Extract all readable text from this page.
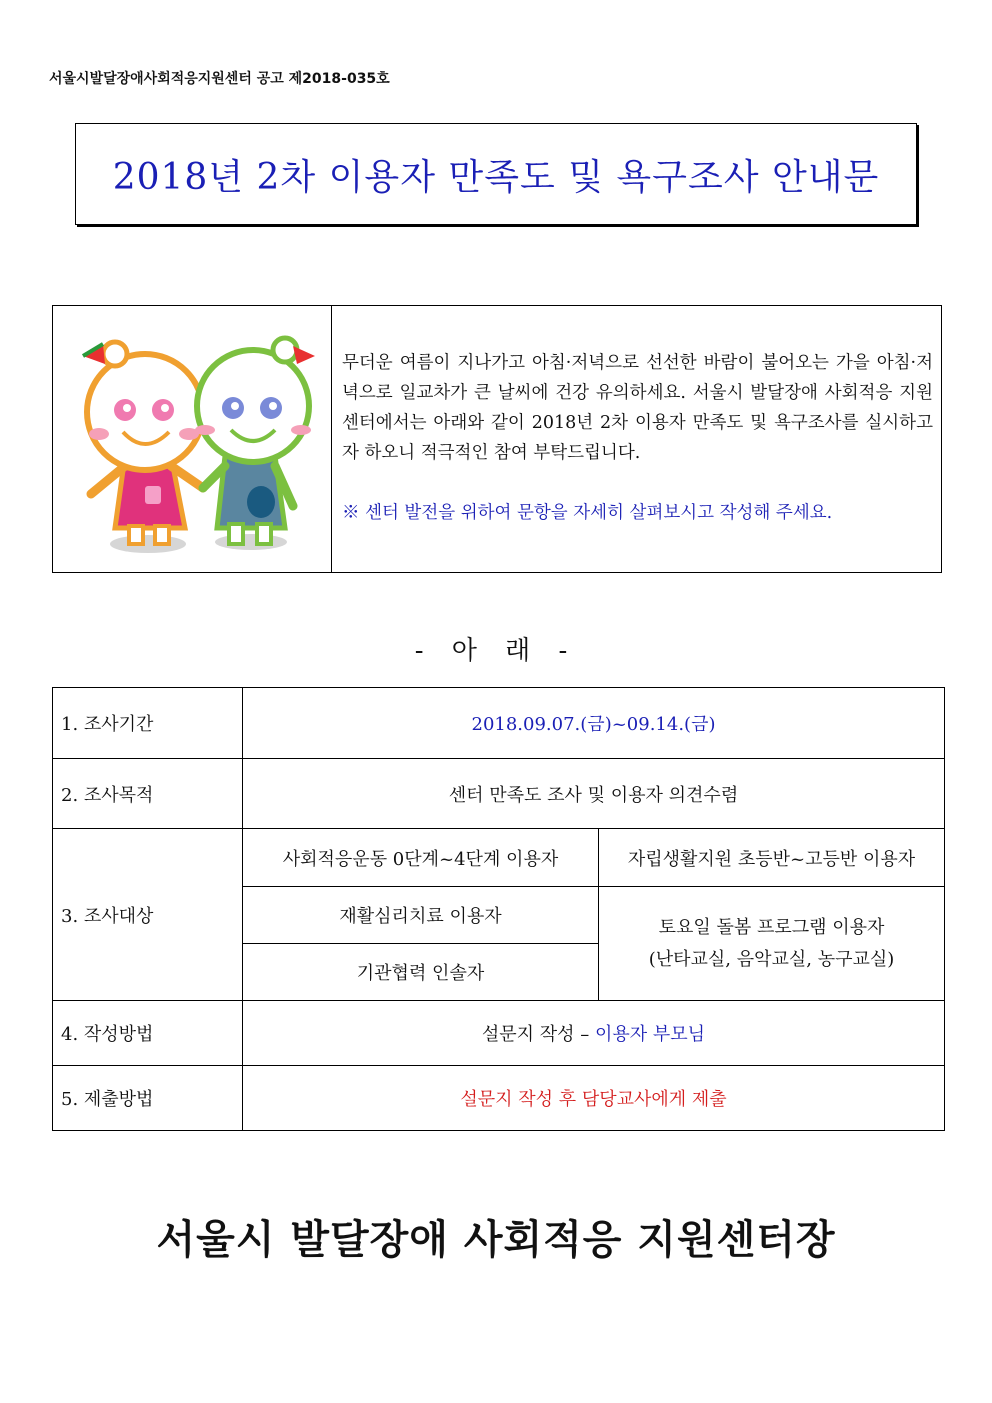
서울시발달장애사회적응지원센터 공고 제2018-035호
2018년 2차 이용자 만족도 및 욕구조사 안내문
무더운 여름이 지나가고 아침·저녁으로 선선한 바람이 불어오는 가을 아침·저녁으로 일교차가 큰 날씨에 건강 유의하세요. 서울시 발달장애 사회적응 지원센터에서는 아래와 같이 2018년 2차 이용자 만족도 및 욕구조사를 실시하고자 하오니 적극적인 참여 부탁드립니다.
※ 센터 발전을 위하여 문항을 자세히 살펴보시고 작성해 주세요.
- 아 래 -
1. 조사기간	2018.09.07.(금)~09.14.(금)	
2. 조사목적	센터 만족도 조사 및 이용자 의견수렴	
3. 조사대상	사회적응운동 0단계~4단계 이용자	자립생활지원 초등반~고등반 이용자
	재활심리치료 이용자	토요일 돌봄 프로그램 이용자
(난타교실, 음악교실, 농구교실)

	기관협력 인솔자	
4. 작성방법	설문지 작성 – 이용자 부모님	
5. 제출방법	설문지 작성 후 담당교사에게 제출	
서울시 발달장애 사회적응 지원센터장
